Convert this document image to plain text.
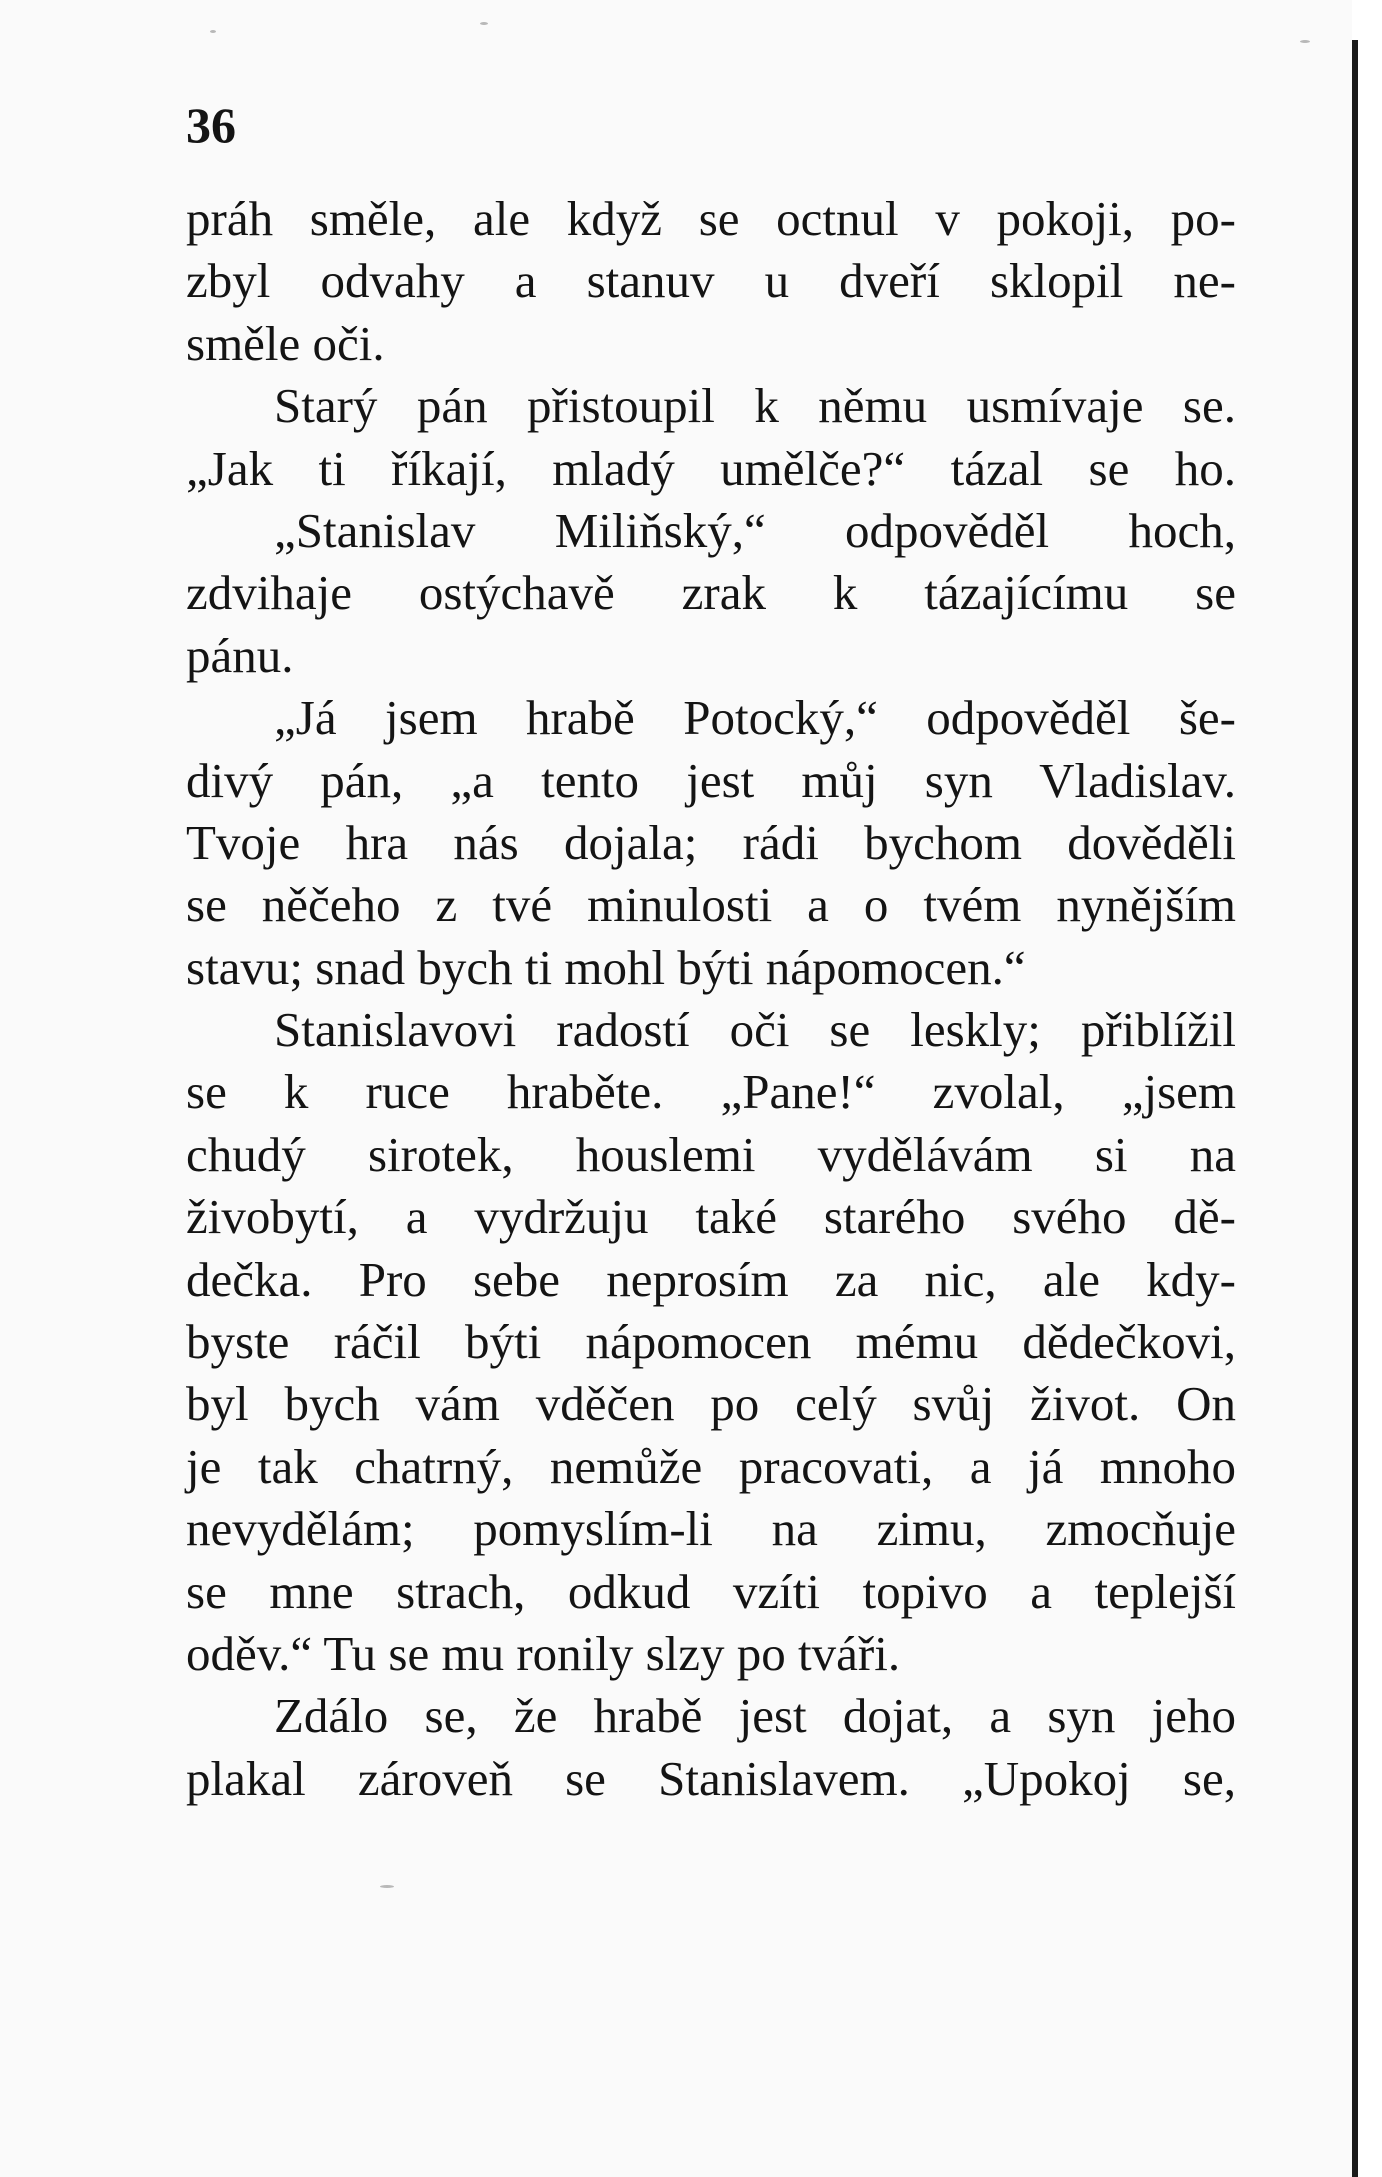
36
práh směle, ale když se octnul v pokoji, po-
zbyl odvahy a stanuv u dveří sklopil ne-
směle oči.
Starý pán přistoupil k němu usmívaje se.
„Jak ti říkají, mladý umělče?“ tázal se ho.
„Stanislav Miliňský,“ odpověděl hoch,
zdvihaje ostýchavě zrak k tázajícímu se
pánu.
„Já jsem hrabě Potocký,“ odpověděl še-
divý pán, „a tento jest můj syn Vladislav.
Tvoje hra nás dojala; rádi bychom dověděli
se něčeho z tvé minulosti a o tvém nynějším
stavu; snad bych ti mohl býti nápomocen.“
Stanislavovi radostí oči se leskly; přiblížil
se k ruce hraběte. „Pane!“ zvolal, „jsem
chudý sirotek, houslemi vydělávám si na
živobytí, a vydržuju také starého svého dě-
dečka. Pro sebe neprosím za nic, ale kdy-
byste ráčil býti nápomocen mému dědečkovi,
byl bych vám vděčen po celý svůj život. On
je tak chatrný, nemůže pracovati, a já mnoho
nevydělám; pomyslím-li na zimu, zmocňuje
se mne strach, odkud vzíti topivo a teplejší
oděv.“ Tu se mu ronily slzy po tváři.
Zdálo se, že hrabě jest dojat, a syn jeho
plakal zároveň se Stanislavem. „Upokoj se,
